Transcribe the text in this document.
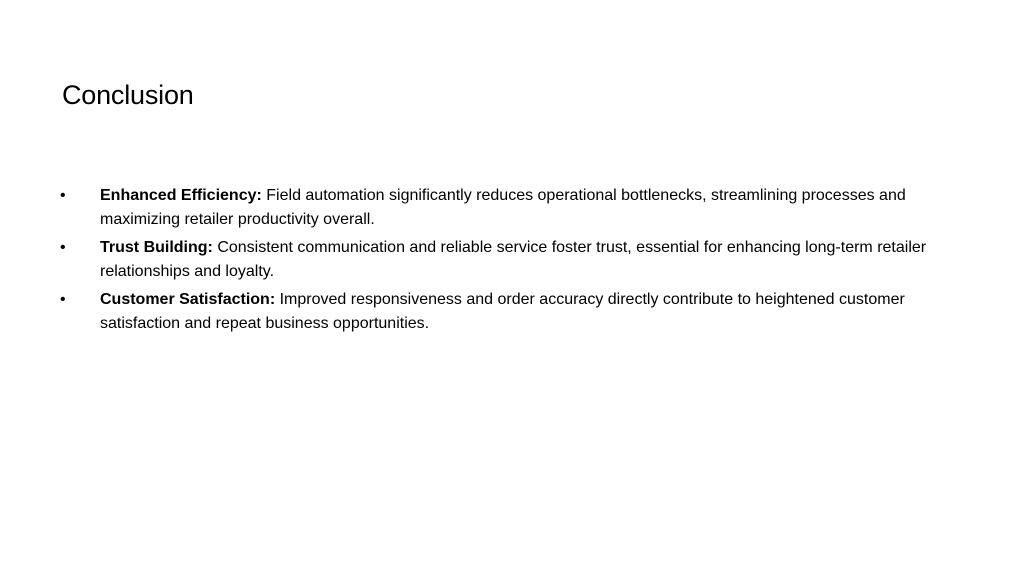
Conclusion
•	Enhanced Efficiency: Field automation significantly reduces operational bottlenecks, streamlining processes and maximizing retailer productivity overall.
•	Trust Building: Consistent communication and reliable service foster trust, essential for enhancing long-term retailer relationships and loyalty.
•	Customer Satisfaction: Improved responsiveness and order accuracy directly contribute to heightened customer satisfaction and repeat business opportunities.
